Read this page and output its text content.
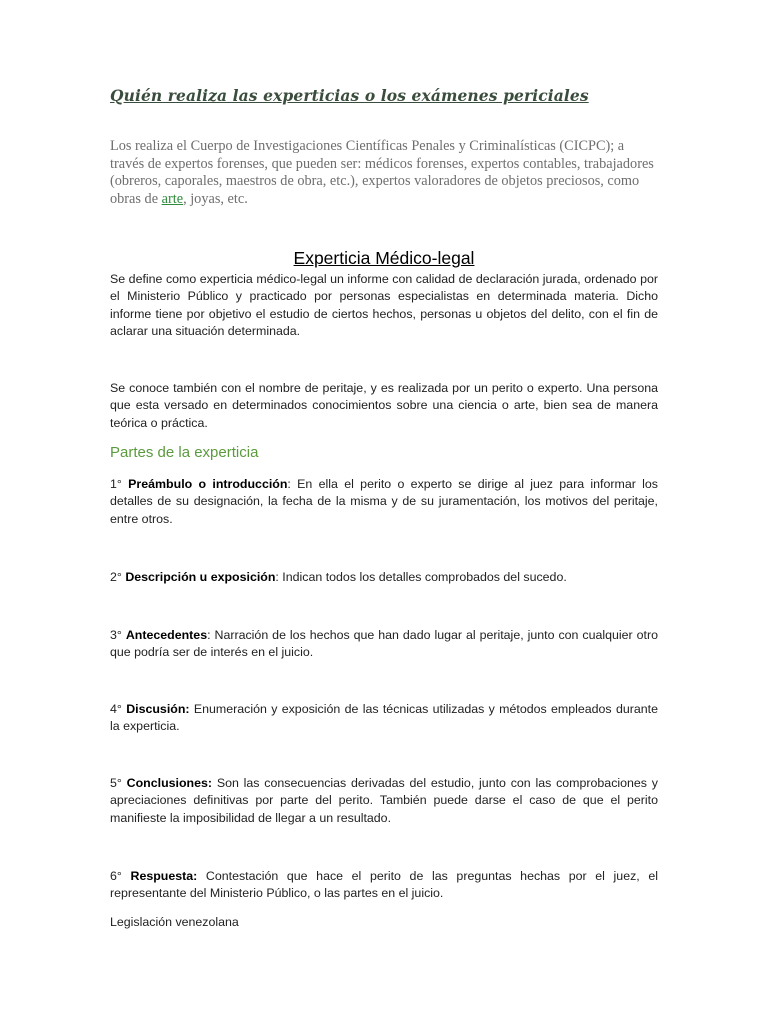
Quién realiza las experticias o los exámenes periciales
Los realiza el Cuerpo de Investigaciones Científicas Penales y Criminalísticas (CICPC); a través de expertos forenses, que pueden ser: médicos forenses, expertos contables, trabajadores (obreros, caporales, maestros de obra, etc.), expertos valoradores de objetos preciosos, como obras de arte, joyas, etc.
Experticia Médico-legal
Se define como experticia médico-legal un informe con calidad de declaración jurada, ordenado por el Ministerio Público y practicado por personas especialistas en determinada materia. Dicho informe tiene por objetivo el estudio de ciertos hechos, personas u objetos del delito, con el fin de aclarar una situación determinada.
Se conoce también con el nombre de peritaje, y es realizada por un perito o experto. Una persona que esta versado en determinados conocimientos sobre una ciencia o arte, bien sea de manera teórica o práctica.
Partes de la experticia
1° Preámbulo o introducción: En ella el perito o experto se dirige al juez para informar los detalles de su designación, la fecha de la misma y de su juramentación, los motivos del peritaje, entre otros.
2° Descripción u exposición: Indican todos los detalles comprobados del sucedo.
3° Antecedentes: Narración de los hechos que han dado lugar al peritaje, junto con cualquier otro que podría ser de interés en el juicio.
4° Discusión: Enumeración y exposición de las técnicas utilizadas y métodos empleados durante la experticia.
5° Conclusiones: Son las consecuencias derivadas del estudio, junto con las comprobaciones y apreciaciones definitivas por parte del perito. También puede darse el caso de que el perito manifieste la imposibilidad de llegar a un resultado.
6° Respuesta: Contestación que hace el perito de las preguntas hechas por el juez, el representante del Ministerio Público, o las partes en el juicio.
Legislación venezolana
